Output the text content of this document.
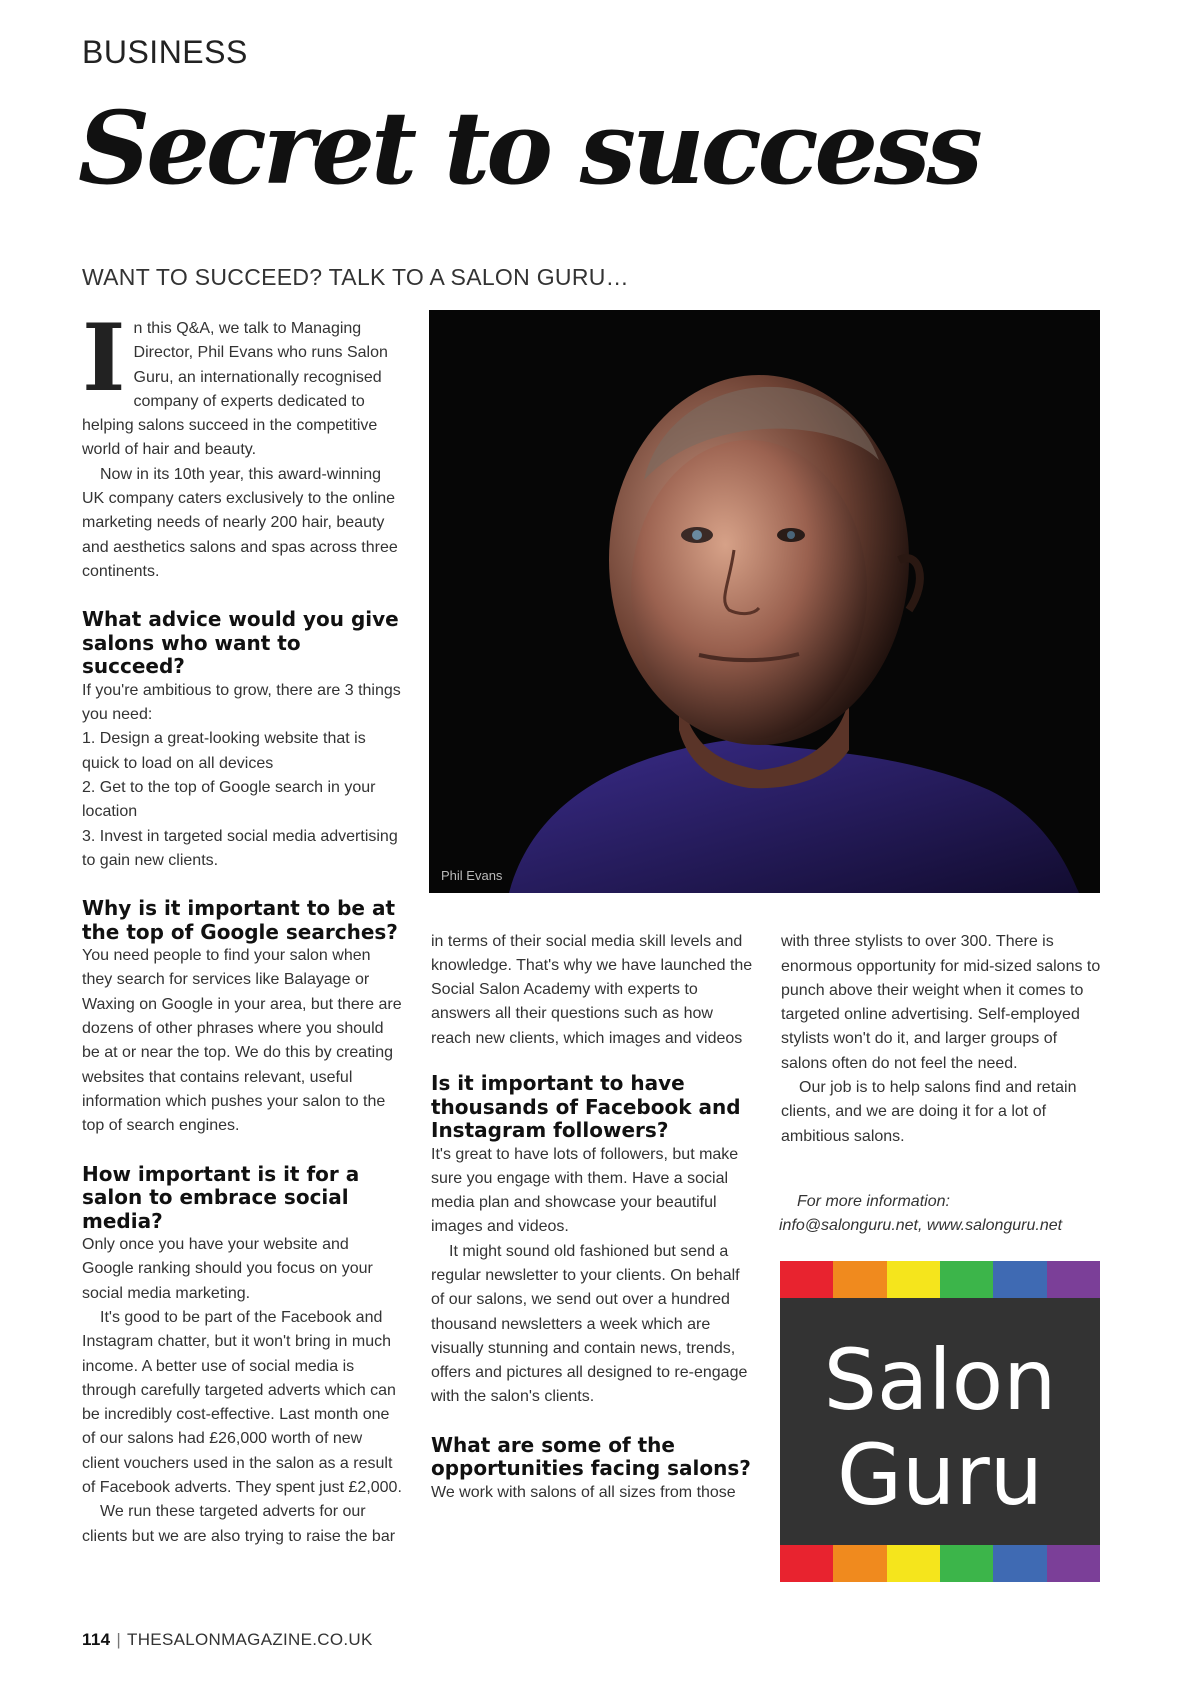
BUSINESS
Secret to success
WANT TO SUCCEED? TALK TO A SALON GURU…

In this Q&A, we talk to Managing Director, Phil Evans who runs Salon Guru, an internationally recognised company of experts dedicated to helping salons succeed in the competitive world of hair and beauty.

Now in its 10th year, this award-winning UK company caters exclusively to the online marketing needs of nearly 200 hair, beauty and aesthetics salons and spas across three continents.

What advice would you give salons who want to succeed?

If you're ambitious to grow, there are 3 things you need:

1. Design a great-looking website that is quick to load on all devices
2. Get to the top of Google search in your location
3. Invest in targeted social media advertising to gain new clients.
Why is it important to be at the top of Google searches?

You need people to find your salon when they search for services like Balayage or Waxing on Google in your area, but there are dozens of other phrases where you should be at or near the top. We do this by creating websites that contains relevant, useful information which pushes your salon to the top of search engines.

How important is it for a salon to embrace social media?

Only once you have your website and Google ranking should you focus on your social media marketing.

It's good to be part of the Facebook and Instagram chatter, but it won't bring in much income. A better use of social media is through carefully targeted adverts which can be incredibly cost-effective. Last month one of our salons had £26,000 worth of new client vouchers used in the salon as a result of Facebook adverts. They spent just £2,000.

We run these targeted adverts for our clients but we are also trying to raise the bar

Phil Evans

in terms of their social media skill levels and knowledge. That's why we have launched the Social Salon Academy with experts to answers all their questions such as how reach new clients, which images and videos

Is it important to have thousands of Facebook and Instagram followers?

It's great to have lots of followers, but make sure you engage with them. Have a social media plan and showcase your beautiful images and videos.

It might sound old fashioned but send a regular newsletter to your clients. On behalf of our salons, we send out over a hundred thousand newsletters a week which are visually stunning and contain news, trends, offers and pictures all designed to re-engage with the salon's clients.

What are some of the opportunities facing salons?

We work with salons of all sizes from those

with three stylists to over 300. There is enormous opportunity for mid-sized salons to punch above their weight when it comes to targeted online advertising. Self-employed stylists won't do it, and larger groups of salons often do not feel the need.

Our job is to help salons find and retain clients, and we are doing it for a lot of ambitious salons.

For more information:
info@salonguru.net, www.salonguru.net
Salon
Guru
114 | THESALONMAGAZINE.CO.UK
